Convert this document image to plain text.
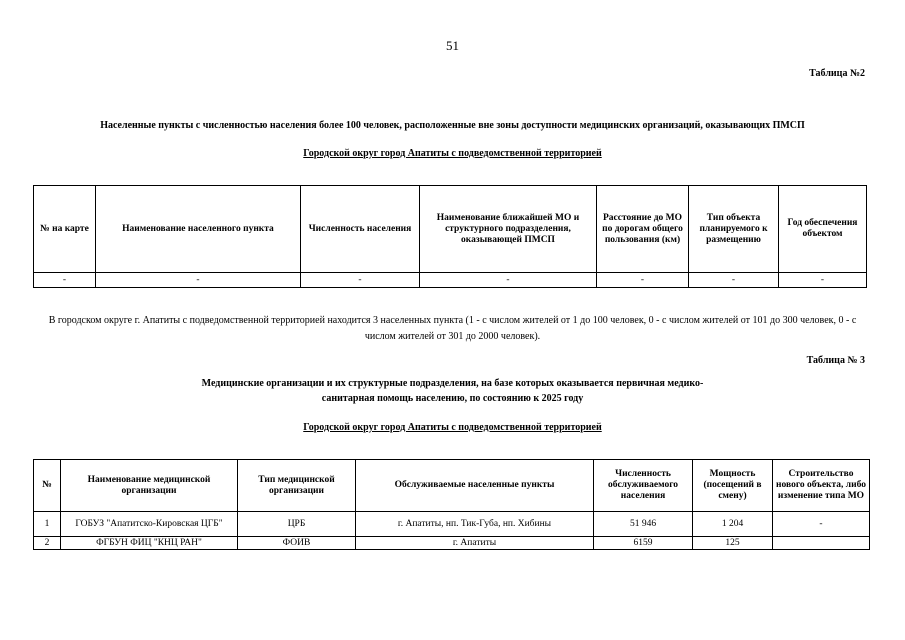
51
Таблица №2
Населенные пункты с численностью населения более 100 человек, расположенные вне зоны доступности медицинских организаций, оказывающих ПМСП
Городской округ город Апатиты с подведомственной территорией
№ на карте	Наименование населенного пункта	Численность населения	Наименование ближайшей МО и структурного подразделения, оказывающей ПМСП	Расстояние до МО по дорогам общего пользования (км)	Тип объекта планируемого к размещению	Год обеспечения объектом
-	-	-	-	-	-	-
В городском округе г. Апатиты с подведомственной территорией находится 3 населенных пункта (1 - с числом жителей от 1 до 100 человек, 0 - с числом жителей от 101 до 300 человек, 0 - с числом жителей от 301 до 2000 человек).
Таблица № 3
Медицинские организации и их структурные подразделения, на базе которых оказывается первичная медико-
санитарная помощь населению, по состоянию к 2025 году
Городской округ город Апатиты с подведомственной территорией
№	Наименование медицинской организации	Тип медицинской организации	Обслуживаемые населенные пункты	Численность обслуживаемого населения	Мощность (посещений в смену)	Строительство нового объекта, либо изменение типа МО
1	ГОБУЗ "Апатитско-Кировская ЦГБ"	ЦРБ	г. Апатиты, нп. Тик-Губа, нп. Хибины	51 946	1 204	-
2	ФГБУН ФИЦ "КНЦ РАН"	ФОИВ	г. Апатиты	6159	125	
